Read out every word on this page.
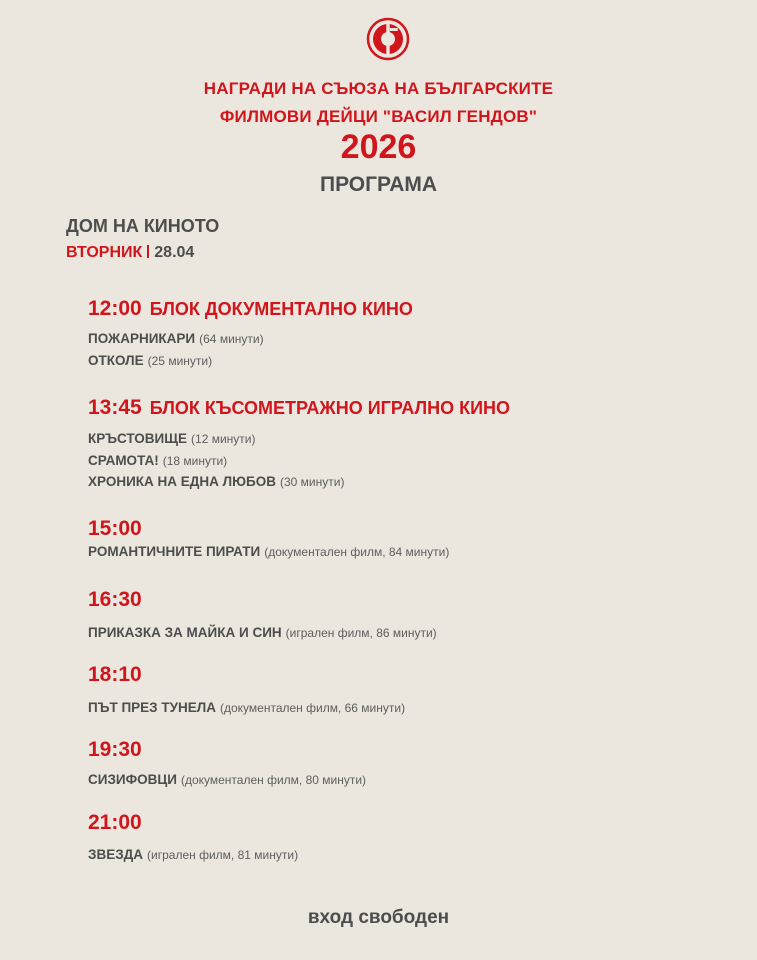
НАГРАДИ НА СЪЮЗА НА БЪЛГАРСКИТЕ
ФИЛМОВИ ДЕЙЦИ "ВАСИЛ ГЕНДОВ"
2026
ПРОГРАМА
ДОМ НА КИНОТО
ВТОРНИК 28.04
12:00 БЛОК ДОКУМЕНТАЛНО КИНО
ПОЖАРНИКАРИ (64 минути)
ОТКОЛЕ (25 минути)
13:45 БЛОК КЪСОМЕТРАЖНО ИГРАЛНО КИНО
КРЪСТОВИЩЕ (12 минути)
СРАМОТА! (18 минути)
ХРОНИКА НА ЕДНА ЛЮБОВ (30 минути)
15:00
РОМАНТИЧНИТЕ ПИРАТИ (документален филм, 84 минути)
16:30
ПРИКАЗКА ЗА МАЙКА И СИН (игрален филм, 86 минути)
18:10
ПЪТ ПРЕЗ ТУНЕЛА (документален филм, 66 минути)
19:30
СИЗИФОВЦИ (документален филм, 80 минути)
21:00
ЗВЕЗДА (игрален филм, 81 минути)
вход свободен
